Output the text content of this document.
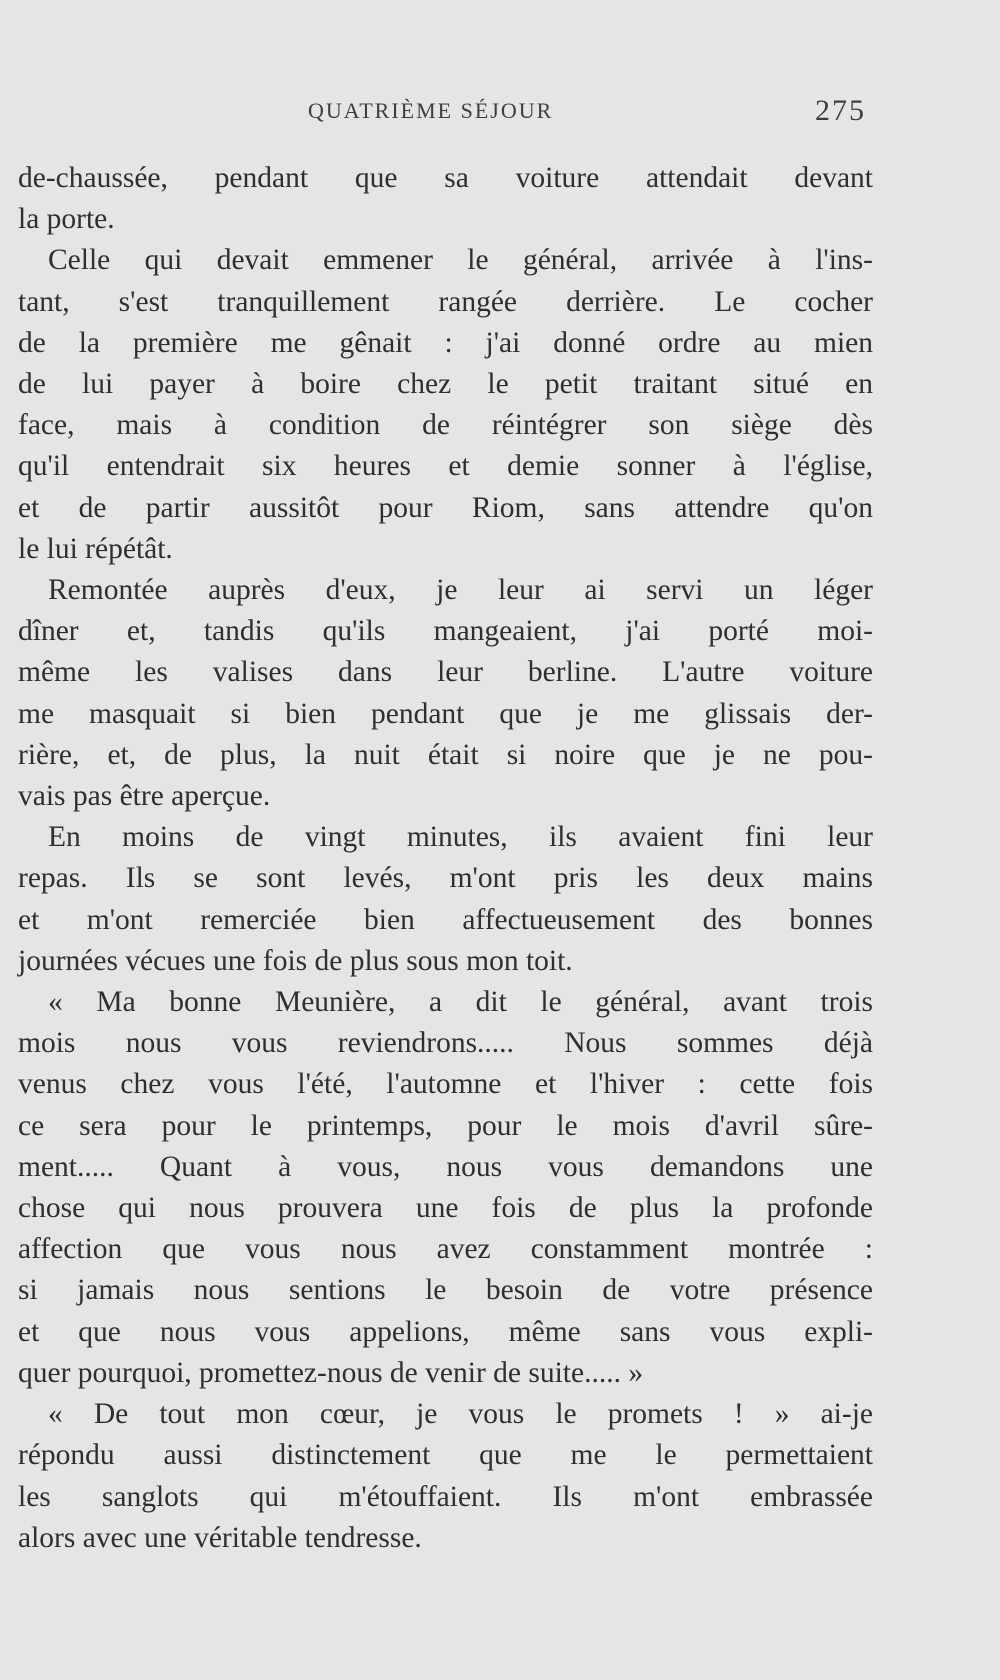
QUATRIÈME SÉJOUR	275

de-chaussée, pendant que sa voiture attendait devant
la porte.

Celle qui devait emmener le général, arrivée à l'ins-
tant, s'est tranquillement rangée derrière. Le cocher
de la première me gênait : j'ai donné ordre au mien
de lui payer à boire chez le petit traitant situé en
face, mais à condition de réintégrer son siège dès
qu'il entendrait six heures et demie sonner à l'église,
et de partir aussitôt pour Riom, sans attendre qu'on
le lui répétât.

Remontée auprès d'eux, je leur ai servi un léger
dîner et, tandis qu'ils mangeaient, j'ai porté moi-
même les valises dans leur berline. L'autre voiture
me masquait si bien pendant que je me glissais der-
rière, et, de plus, la nuit était si noire que je ne pou-
vais pas être aperçue.

En moins de vingt minutes, ils avaient fini leur
repas. Ils se sont levés, m'ont pris les deux mains
et m'ont remerciée bien affectueusement des bonnes
journées vécues une fois de plus sous mon toit.

« Ma bonne Meunière, a dit le général, avant trois
mois nous vous reviendrons..... Nous sommes déjà
venus chez vous l'été, l'automne et l'hiver : cette fois
ce sera pour le printemps, pour le mois d'avril sûre-
ment..... Quant à vous, nous vous demandons une
chose qui nous prouvera une fois de plus la profonde
affection que vous nous avez constamment montrée :
si jamais nous sentions le besoin de votre présence
et que nous vous appelions, même sans vous expli-
quer pourquoi, promettez-nous de venir de suite..... »

« De tout mon cœur, je vous le promets ! » ai-je
répondu aussi distinctement que me le permettaient
les sanglots qui m'étouffaient. Ils m'ont embrassée
alors avec une véritable tendresse.
